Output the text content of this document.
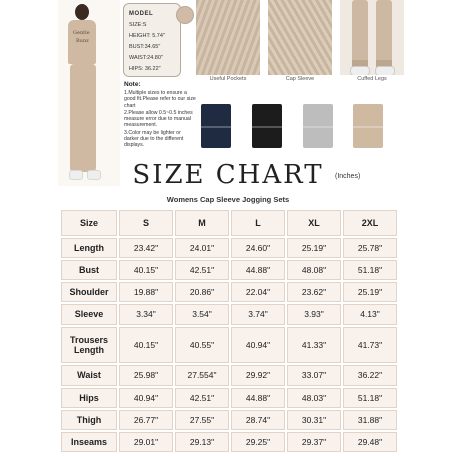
Gentle
Bunz
MODEL
SIZE:S
HEIGHT: 5.74"
BUST:34.65"
WAIST:24.80"
HIPS: 36.22"
Useful Pockets	Cap Sleeve	Cuffed Legs
Note:
1.Multiple sizes to ensure a good fit.Please refer to our size chart
2.Please allow 0.5~0.5 inches measure error due to manual measurement.
3.Color may be lighter or darker due to the different displays.
SIZE CHART	(Inches)
Womens Cap Sleeve Jogging Sets
Size	S	M	L	XL	2XL
Length	23.42"	24.01"	24.60"	25.19"	25.78"
Bust	40.15"	42.51"	44.88"	48.08"	51.18"
Shoulder	19.88"	20.86"	22.04"	23.62"	25.19"
Sleeve	3.34"	3.54"	3.74"	3.93"	4.13"
Trousers Length	40.15"	40.55"	40.94"	41.33"	41.73"
Waist	25.98"	27.554"	29.92"	33.07"	36.22"
Hips	40.94"	42.51"	44.88"	48.03"	51.18"
Thigh	26.77"	27.55"	28.74"	30.31"	31.88"
Inseams	29.01"	29.13"	29.25"	29.37"	29.48"
